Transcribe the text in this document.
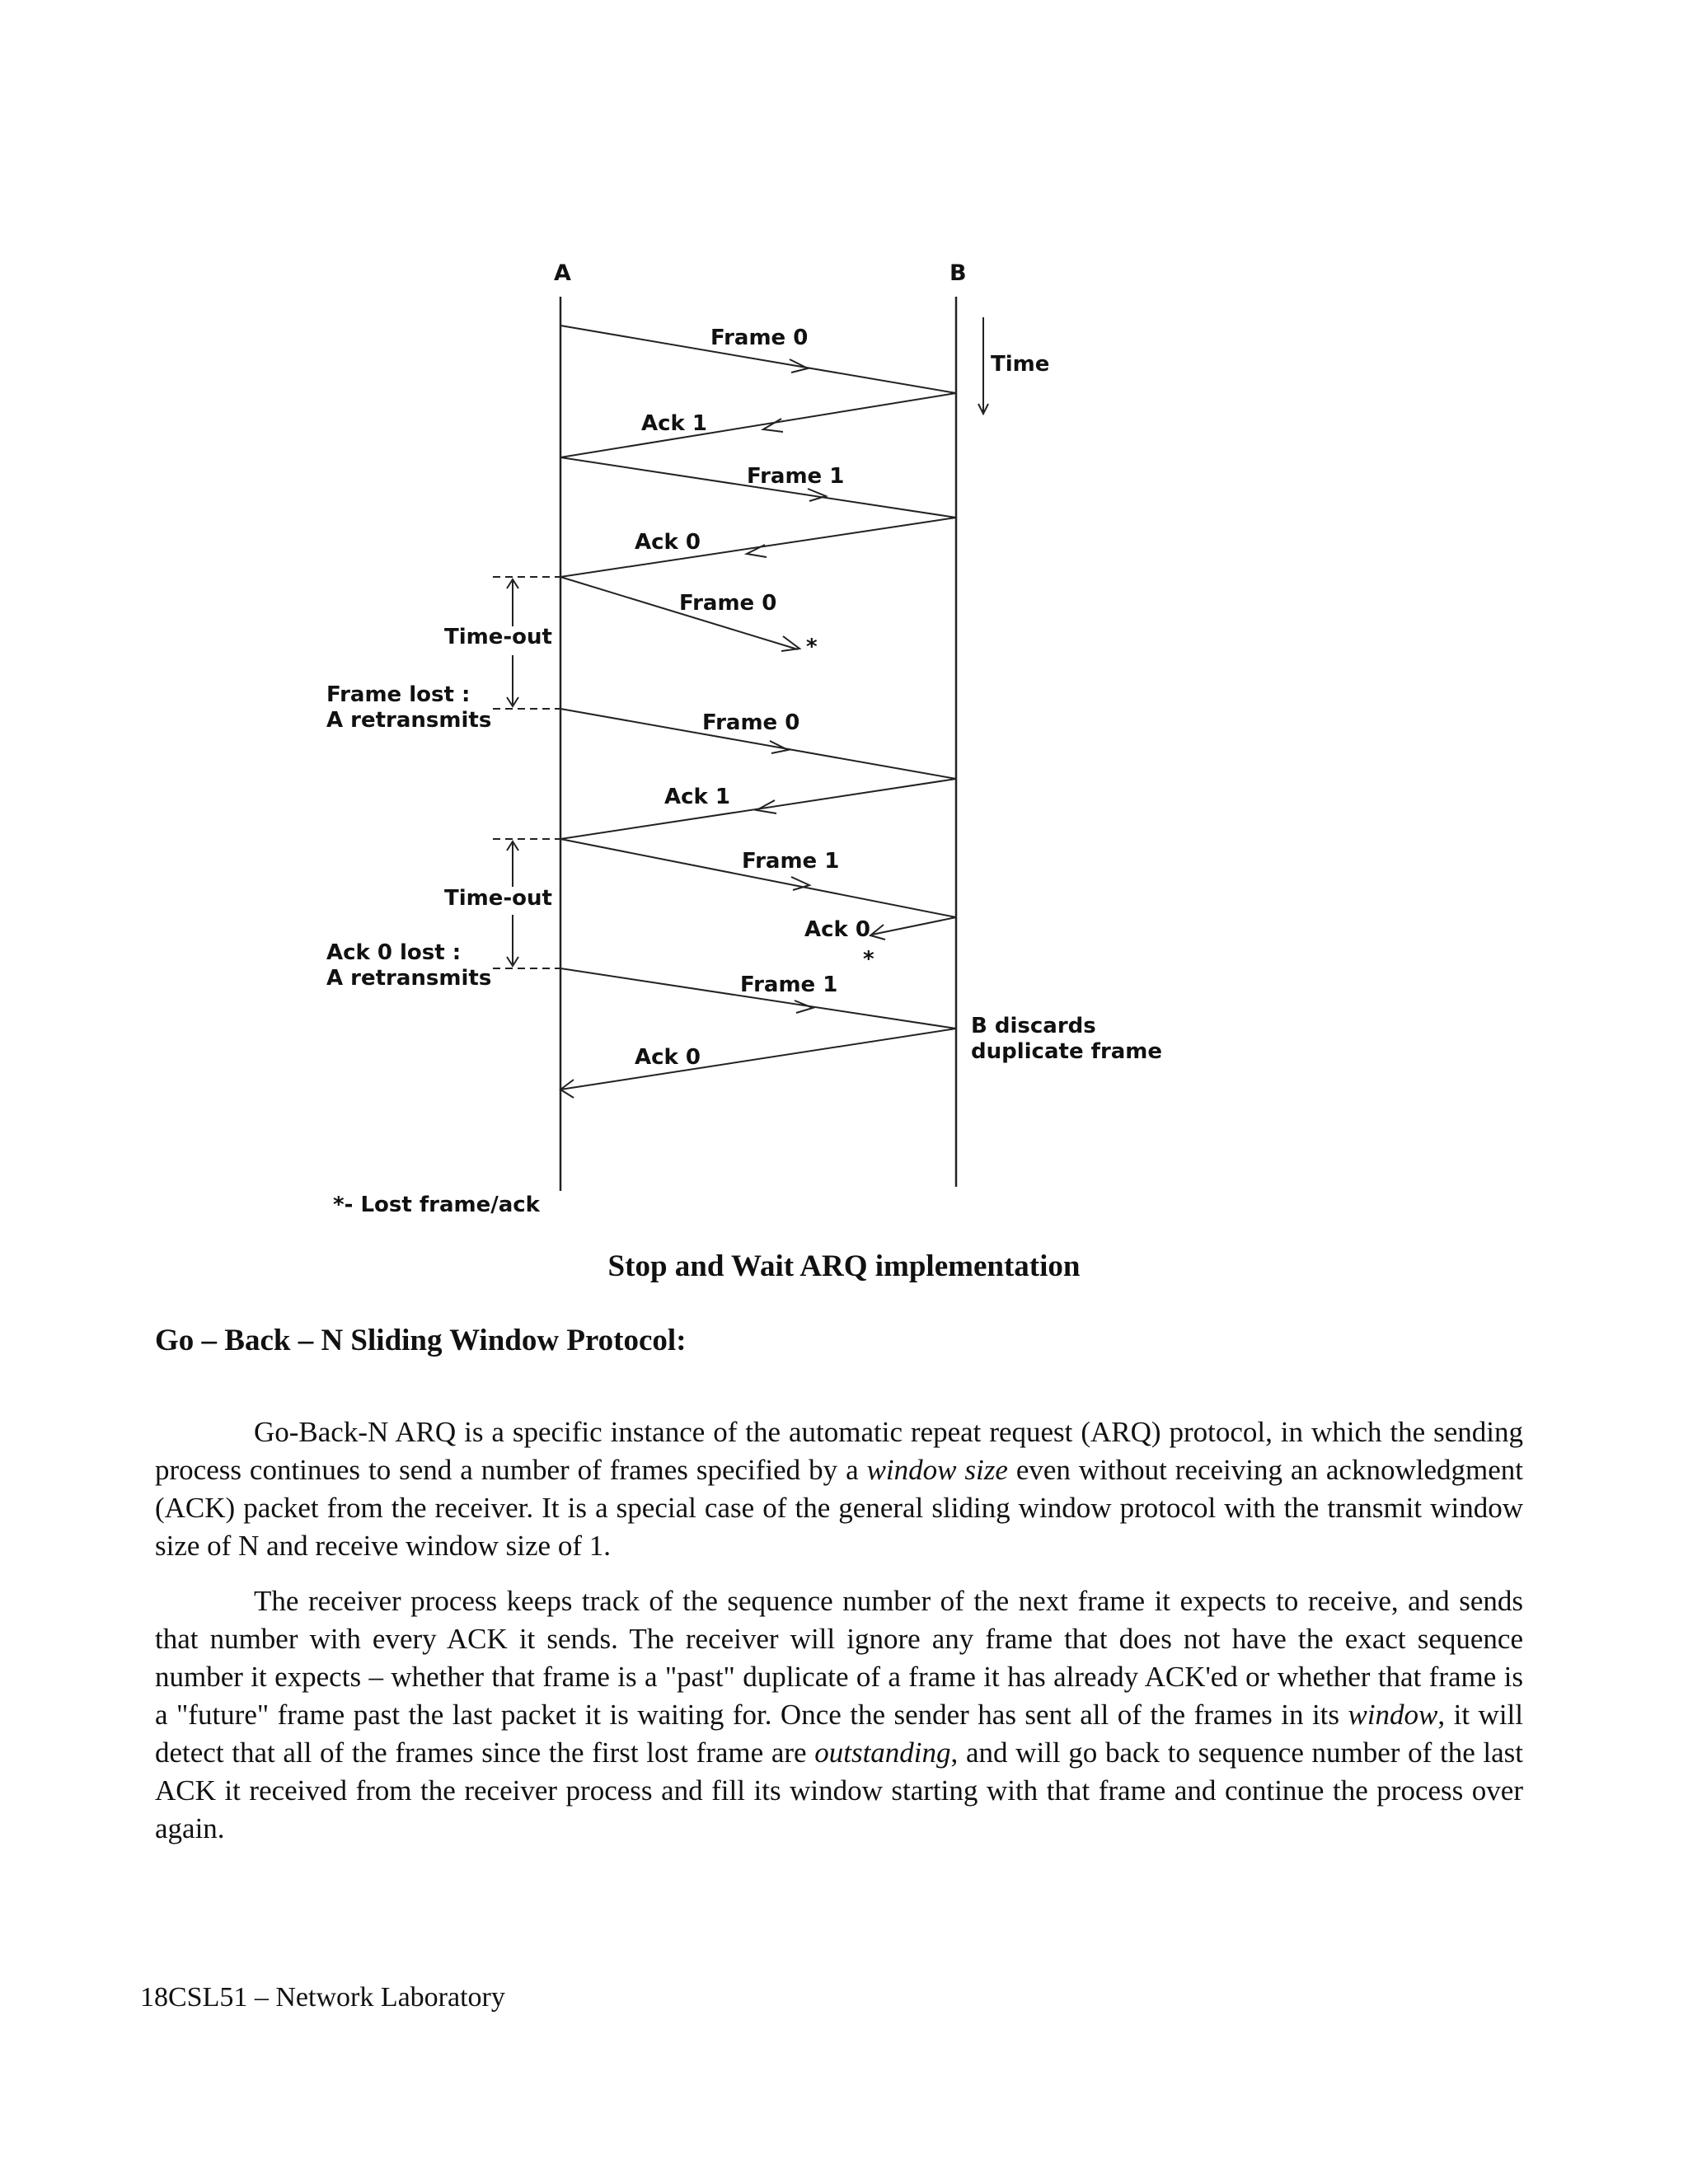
A	B
Time
Frame 0
Ack 1
Frame 1
Ack 0
Frame 0
*
Time-out
Frame lost :
A retransmits	Frame 0
Ack 1
Frame 1
Ack 0
*
Time-out
Ack 0 lost :
A retransmits	Frame 1
Ack 0
B discards
duplicate frame
*- Lost frame/ack
Stop and Wait ARQ implementation
Go – Back – N Sliding Window Protocol:

Go-Back-N ARQ is a specific instance of the automatic repeat request (ARQ) protocol, in which the sending process continues to send a number of frames specified by a window size even without receiving an acknowledgment (ACK) packet from the receiver. It is a special case of the general sliding window protocol with the transmit window size of N and receive window size of 1.

The receiver process keeps track of the sequence number of the next frame it expects to receive, and sends that number with every ACK it sends. The receiver will ignore any frame that does not have the exact sequence number it expects – whether that frame is a "past" duplicate of a frame it has already ACK'ed or whether that frame is a "future" frame past the last packet it is waiting for. Once the sender has sent all of the frames in its window, it will detect that all of the frames since the first lost frame are outstanding, and will go back to sequence number of the last ACK it received from the receiver process and fill its window starting with that frame and continue the process over again.

18CSL51 – Network Laboratory
